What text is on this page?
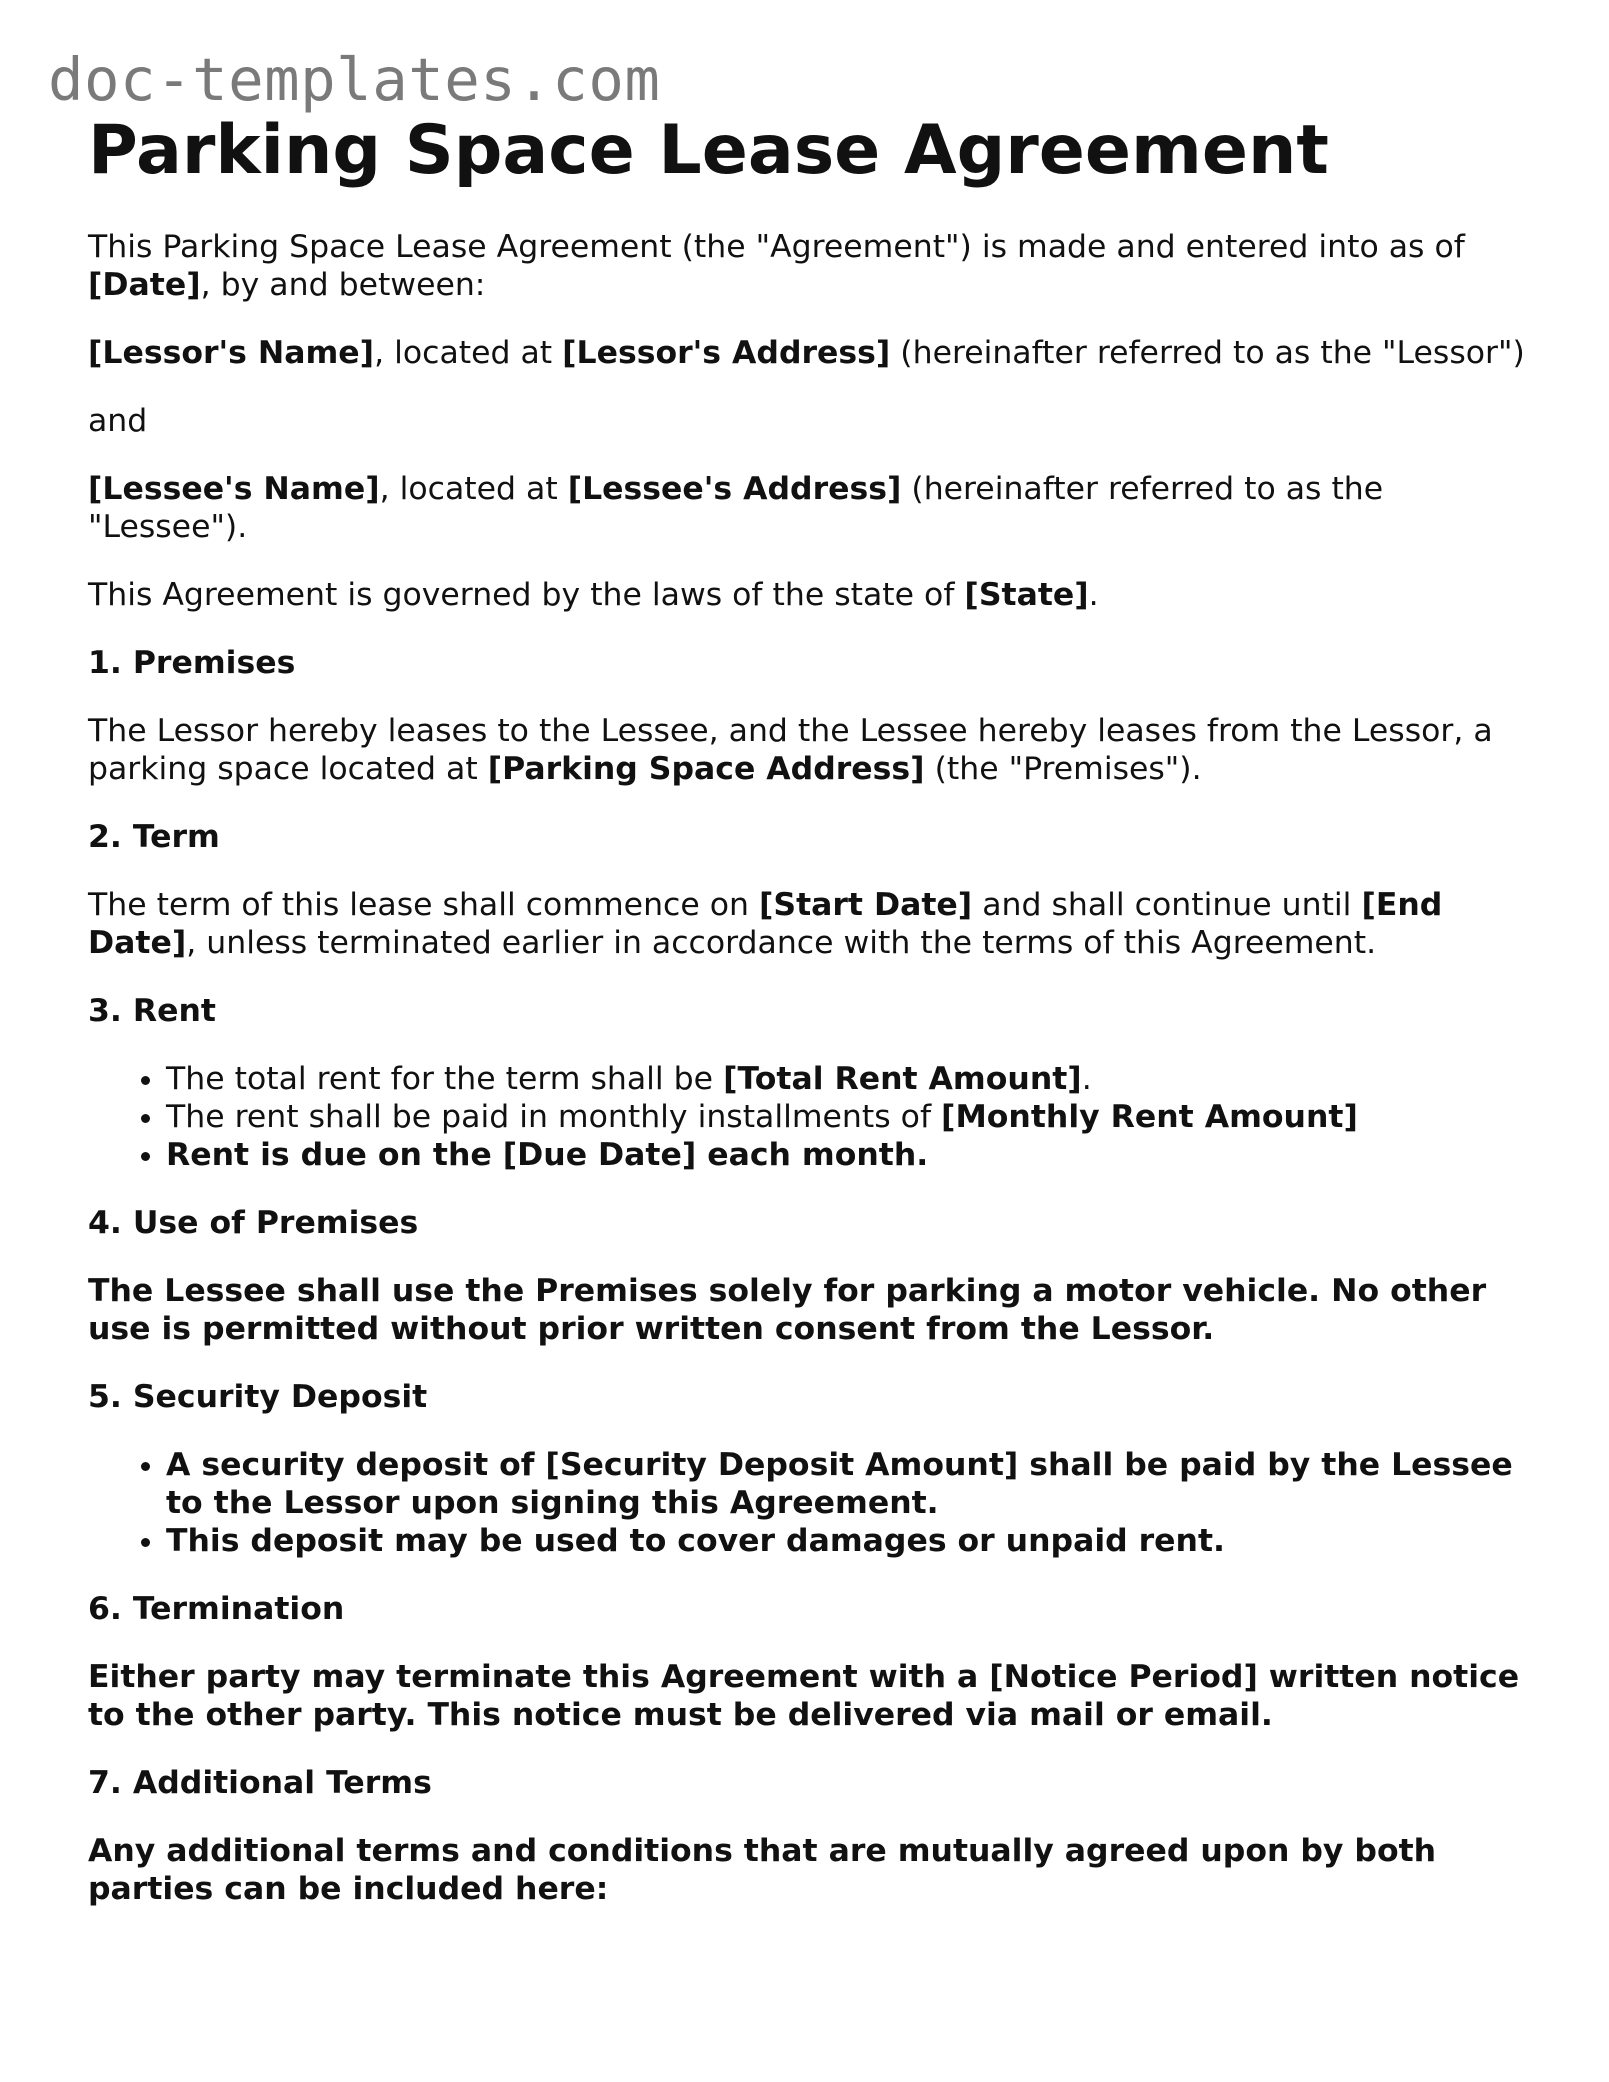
doc-templates.com
Parking Space Lease Agreement

This Parking Space Lease Agreement (the "Agreement") is made and entered into as of [Date], by and between:

[Lessor's Name], located at [Lessor's Address] (hereinafter referred to as the "Lessor")

and

[Lessee's Name], located at [Lessee's Address] (hereinafter referred to as the "Lessee").

This Agreement is governed by the laws of the state of [State].

1. Premises

The Lessor hereby leases to the Lessee, and the Lessee hereby leases from the Lessor, a parking space located at [Parking Space Address] (the "Premises").

2. Term

The term of this lease shall commence on [Start Date] and shall continue until [End Date], unless terminated earlier in accordance with the terms of this Agreement.

3. Rent
• The total rent for the term shall be [Total Rent Amount].
• The rent shall be paid in monthly installments of [Monthly Rent Amount]
• Rent is due on the [Due Date] each month.
4. Use of Premises

The Lessee shall use the Premises solely for parking a motor vehicle. No other use is permitted without prior written consent from the Lessor.

5. Security Deposit
• A security deposit of [Security Deposit Amount] shall be paid by the Lessee to the Lessor upon signing this Agreement.
• This deposit may be used to cover damages or unpaid rent.
6. Termination

Either party may terminate this Agreement with a [Notice Period] written notice to the other party. This notice must be delivered via mail or email.

7. Additional Terms

Any additional terms and conditions that are mutually agreed upon by both parties can be included here:
